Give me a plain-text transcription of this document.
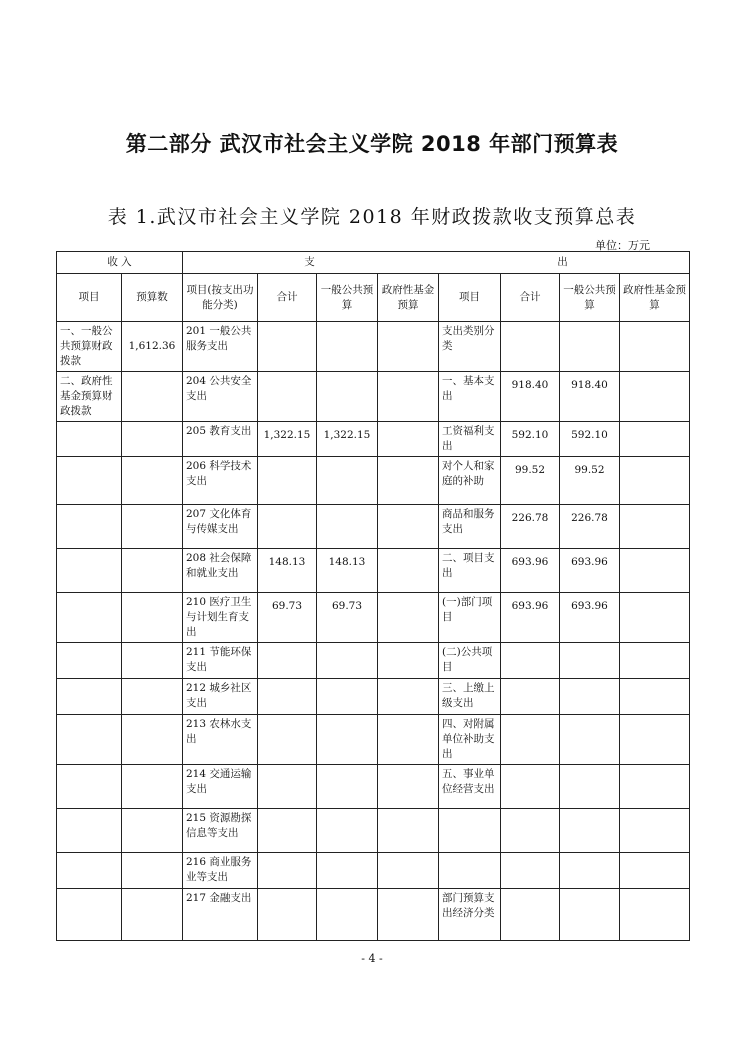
第二部分 武汉市社会主义学院 2018 年部门预算表
表 1.武汉市社会主义学院 2018 年财政拨款收支预算总表
单位：万元
收 入		支 出							
项目	预算数	项目(按支出功能分类)	合计	一般公共预算	政府性基金预算	项目	合计	一般公共预算	政府性基金预算
一、一般公共预算财政拨款	1,612.36	201 一般公共服务支出				支出类别分类			
二、政府性基金预算财政拨款		204 公共安全支出				一、基本支出	918.40	918.40	
		205 教育支出	1,322.15	1,322.15		工资福利支出	592.10	592.10	
		206 科学技术支出				对个人和家庭的补助	99.52	99.52	
		207 文化体育与传媒支出				商品和服务支出	226.78	226.78	
		208 社会保障和就业支出	148.13	148.13		二、项目支出	693.96	693.96	
		210 医疗卫生与计划生育支出	69.73	69.73		(一)部门项目	693.96	693.96	
		211 节能环保支出				(二)公共项目			
		212 城乡社区支出				三、上缴上级支出			
		213 农林水支出				四、对附属单位补助支出			
		214 交通运输支出				五、事业单位经营支出			
		215 资源勘探信息等支出							
		216 商业服务业等支出							
		217 金融支出				部门预算支出经济分类			
- 4 -
